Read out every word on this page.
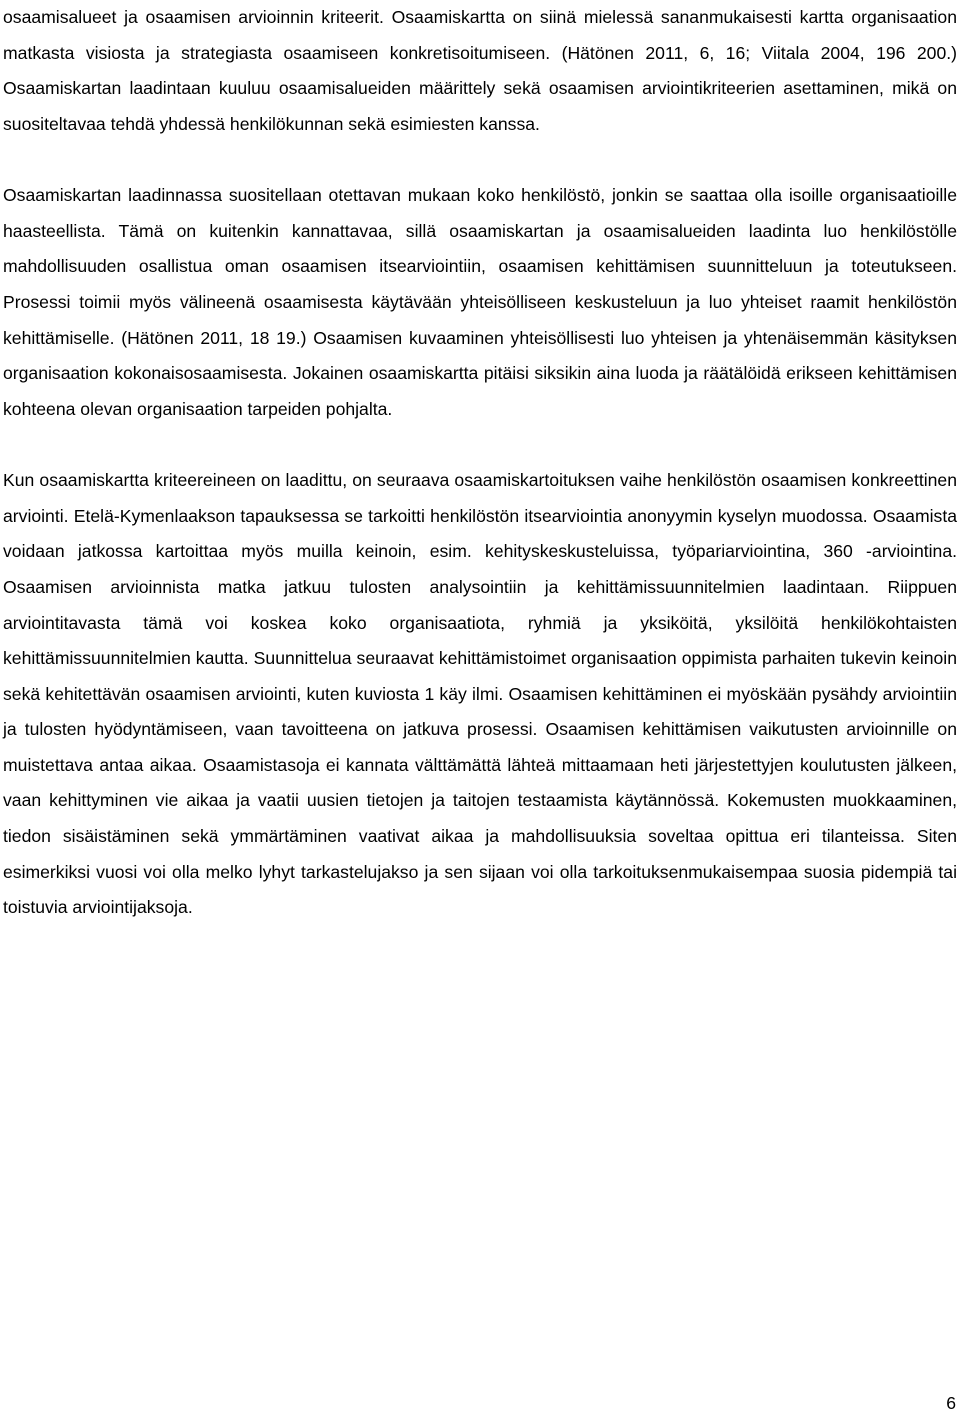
osaamisalueet ja osaamisen arvioinnin kriteerit. Osaamiskartta on siinä mielessä sananmukaisesti kartta organisaation matkasta visiosta ja strategiasta osaamiseen konkretisoitumiseen. (Hätönen 2011, 6, 16; Viitala 2004, 196 200.) Osaamiskartan laadintaan kuuluu osaamisalueiden määrittely sekä osaamisen arviointikriteerien asettaminen, mikä on suositeltavaa tehdä yhdessä henkilökunnan sekä esimiesten kanssa.

Osaamiskartan laadinnassa suositellaan otettavan mukaan koko henkilöstö, jonkin se saattaa olla isoille organisaatioille haasteellista. Tämä on kuitenkin kannattavaa, sillä osaamiskartan ja osaamisalueiden laadinta luo henkilöstölle mahdollisuuden osallistua oman osaamisen itsearviointiin, osaamisen kehittämisen suunnitteluun ja toteutukseen. Prosessi toimii myös välineenä osaamisesta käytävään yhteisölliseen keskusteluun ja luo yhteiset raamit henkilöstön kehittämiselle. (Hätönen 2011, 18 19.) Osaamisen kuvaaminen yhteisöllisesti luo yhteisen ja yhtenäisemmän käsityksen organisaation kokonaisosaamisesta. Jokainen osaamiskartta pitäisi siksikin aina luoda ja räätälöidä erikseen kehittämisen kohteena olevan organisaation tarpeiden pohjalta.

Kun osaamiskartta kriteereineen on laadittu, on seuraava osaamiskartoituksen vaihe henkilöstön osaamisen konkreettinen arviointi. Etelä-Kymenlaakson tapauksessa se tarkoitti henkilöstön itsearviointia anonyymin kyselyn muodossa. Osaamista voidaan jatkossa kartoittaa myös muilla keinoin, esim. kehityskeskusteluissa, työpariarviointina, 360 -arviointina. Osaamisen arvioinnista matka jatkuu tulosten analysointiin ja kehittämissuunnitelmien laadintaan. Riippuen arviointitavasta tämä voi koskea koko organisaatiota, ryhmiä ja yksiköitä, yksilöitä henkilökohtaisten kehittämissuunnitelmien kautta. Suunnittelua seuraavat kehittämistoimet organisaation oppimista parhaiten tukevin keinoin sekä kehitettävän osaamisen arviointi, kuten kuviosta 1 käy ilmi. Osaamisen kehittäminen ei myöskään pysähdy arviointiin ja tulosten hyödyntämiseen, vaan tavoitteena on jatkuva prosessi. Osaamisen kehittämisen vaikutusten arvioinnille on muistettava antaa aikaa. Osaamistasoja ei kannata välttämättä lähteä mittaamaan heti järjestettyjen koulutusten jälkeen, vaan kehittyminen vie aikaa ja vaatii uusien tietojen ja taitojen testaamista käytännössä. Kokemusten muokkaaminen, tiedon sisäistäminen sekä ymmärtäminen vaativat aikaa ja mahdollisuuksia soveltaa opittua eri tilanteissa. Siten esimerkiksi vuosi voi olla melko lyhyt tarkastelujakso ja sen sijaan voi olla tarkoituksenmukaisempaa suosia pidempiä tai toistuvia arviointijaksoja.

6
